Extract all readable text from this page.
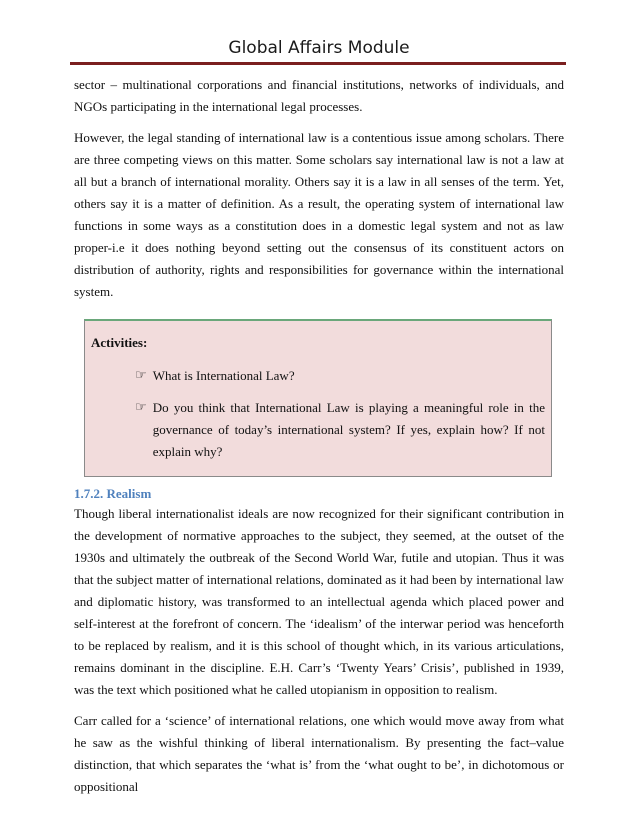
Global Affairs Module

sector – multinational corporations and financial institutions, networks of individuals, and NGOs participating in the international legal processes.

However, the legal standing of international law is a contentious issue among scholars. There are three competing views on this matter. Some scholars say international law is not a law at all but a branch of international morality. Others say it is a law in all senses of the term. Yet, others say it is a matter of definition. As a result, the operating system of international law functions in some ways as a constitution does in a domestic legal system and not as law proper-i.e it does nothing beyond setting out the consensus of its constituent actors on distribution of authority, rights and responsibilities for governance within the international system.

Activities:
☞ What is International Law?
☞ Do you think that International Law is playing a meaningful role in the governance of today’s international system? If yes, explain how? If not explain why?
1.7.2. Realism

Though liberal internationalist ideals are now recognized for their significant contribution in the development of normative approaches to the subject, they seemed, at the outset of the 1930s and ultimately the outbreak of the Second World War, futile and utopian. Thus it was that the subject matter of international relations, dominated as it had been by international law and diplomatic history, was transformed to an intellectual agenda which placed power and self-interest at the forefront of concern. The ‘idealism’ of the interwar period was henceforth to be replaced by realism, and it is this school of thought which, in its various articulations, remains dominant in the discipline. E.H. Carr’s ‘Twenty Years’ Crisis’, published in 1939, was the text which positioned what he called utopianism in opposition to realism.

Carr called for a ‘science’ of international relations, one which would move away from what he saw as the wishful thinking of liberal internationalism. By presenting the fact–value distinction, that which separates the ‘what is’ from the ‘what ought to be’, in dichotomous or oppositional
